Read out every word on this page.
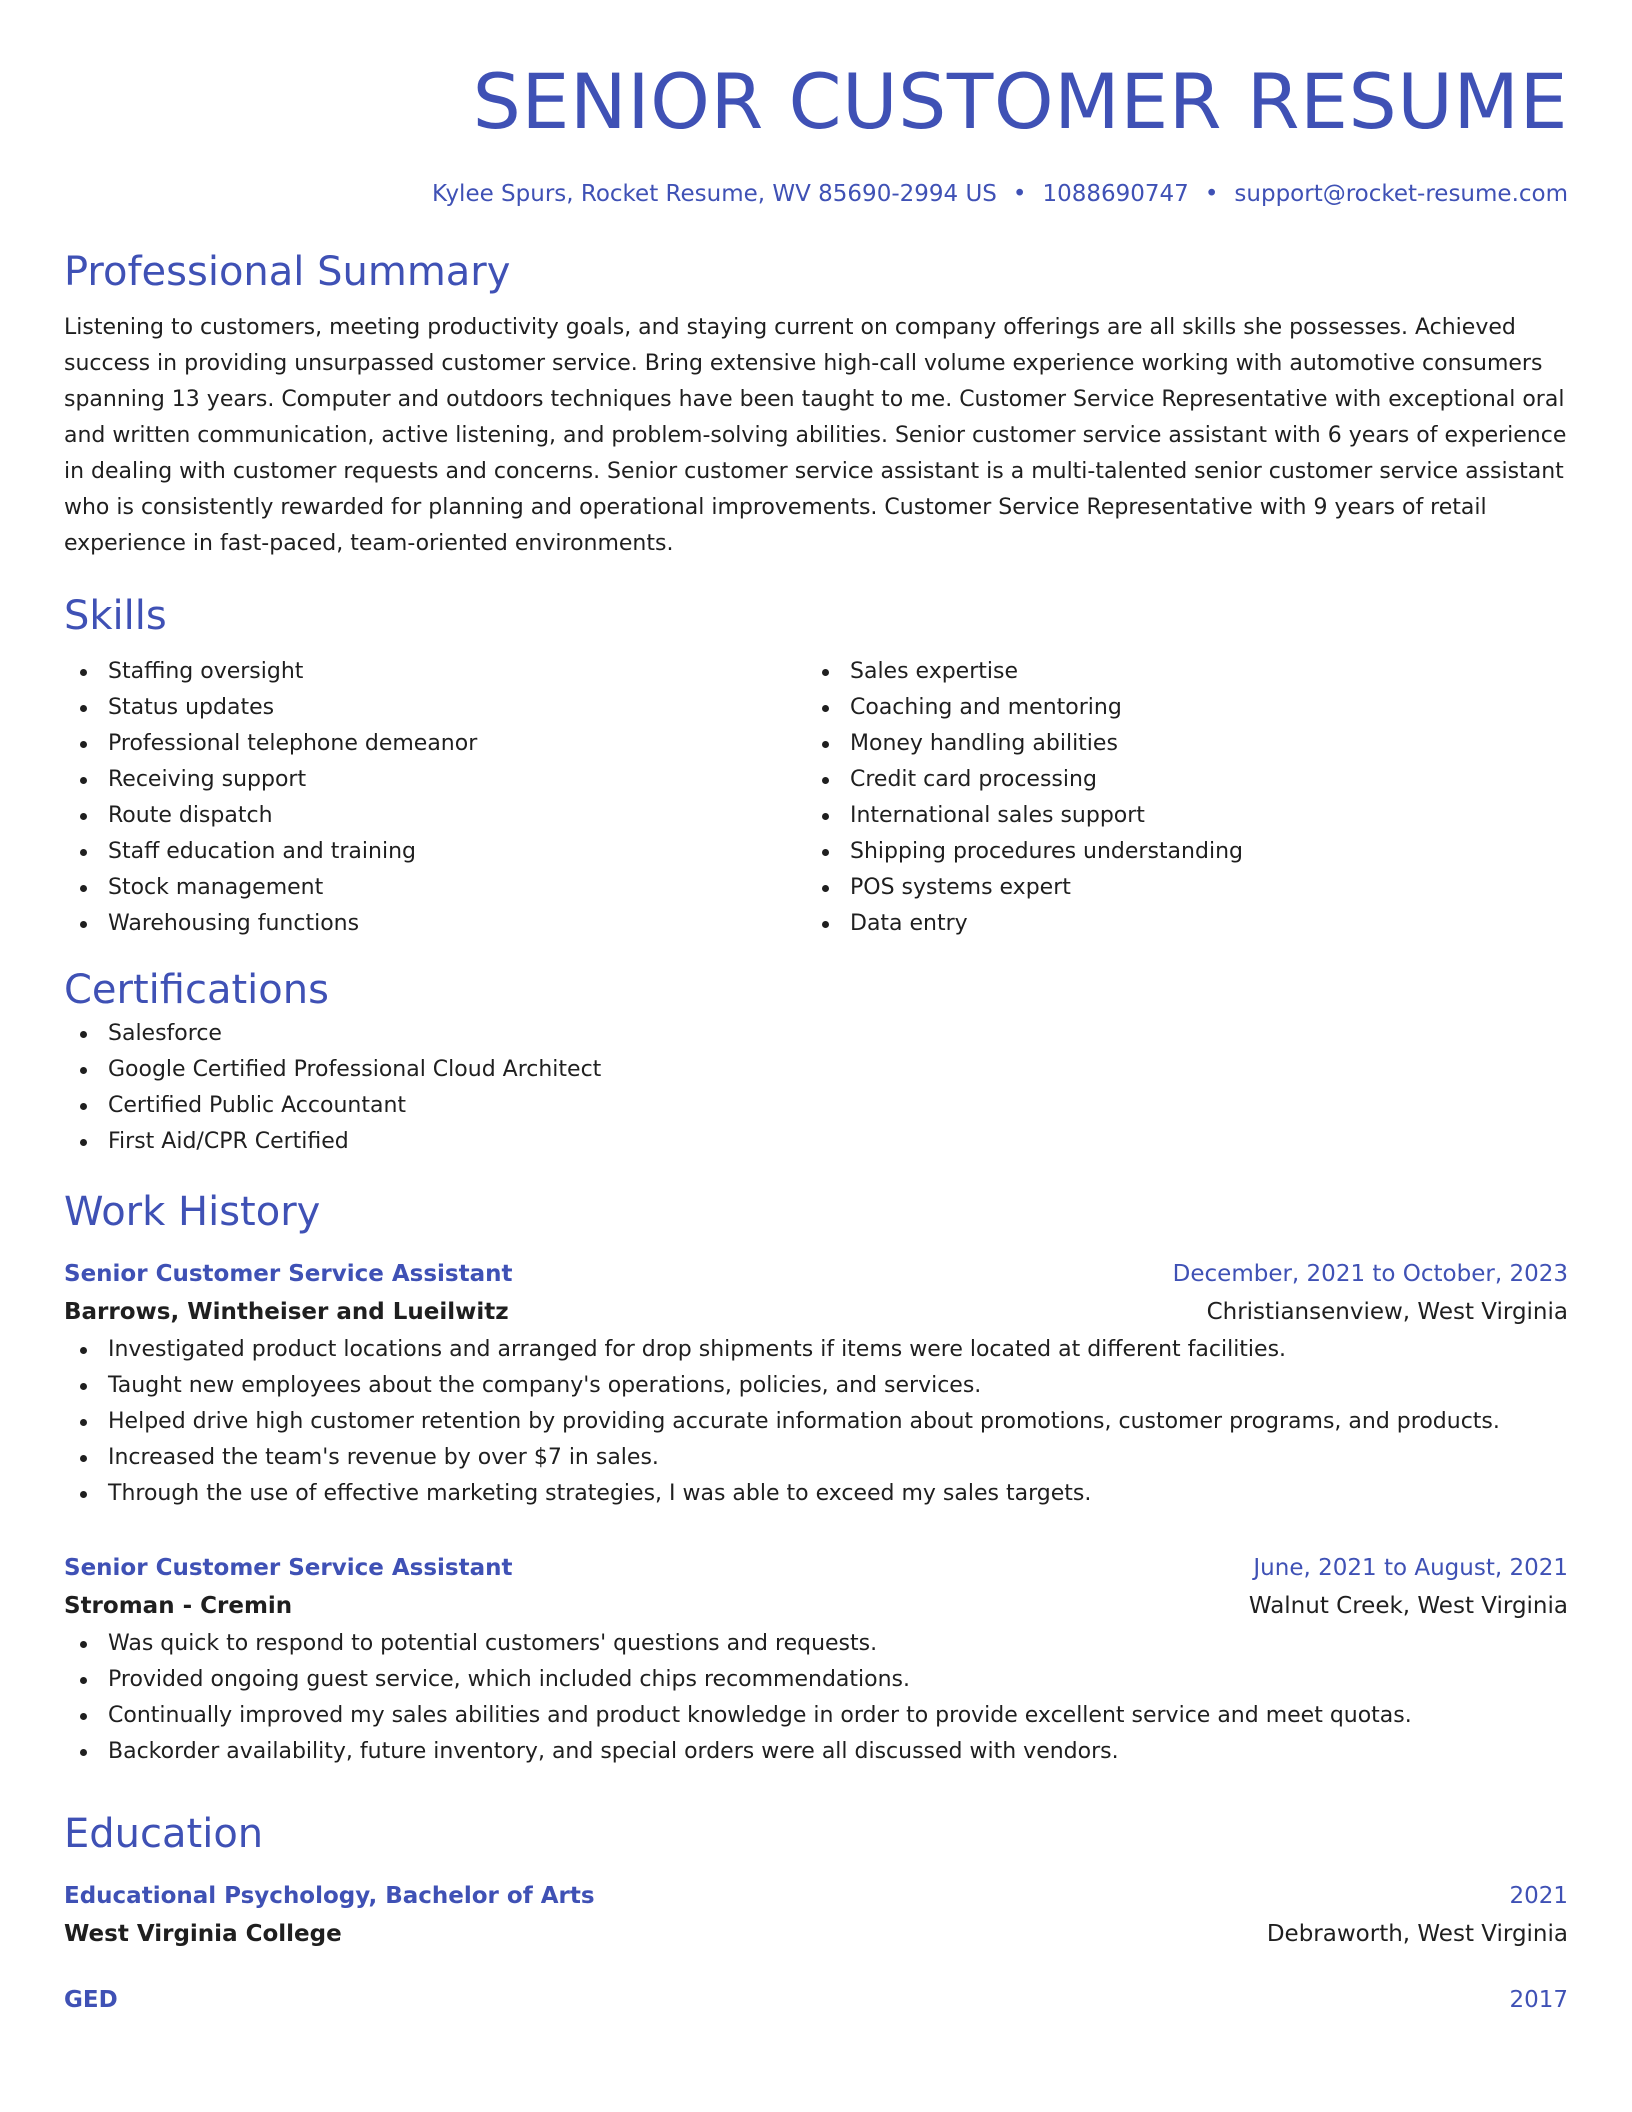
SENIOR CUSTOMER RESUME
Kylee Spurs, Rocket Resume, WV 85690-2994 US • 1088690747 • support@rocket-resume.com
Professional Summary
Listening to customers, meeting productivity goals, and staying current on company offerings are all skills she possesses. Achieved success in providing unsurpassed customer service. Bring extensive high-call volume experience working with automotive consumers spanning 13 years. Computer and outdoors techniques have been taught to me. Customer Service Representative with exceptional oral and written communication, active listening, and problem-solving abilities. Senior customer service assistant with 6 years of experience in dealing with customer requests and concerns. Senior customer service assistant is a multi-talented senior customer service assistant who is consistently rewarded for planning and operational improvements. Customer Service Representative with 9 years of retail experience in fast-paced, team-oriented environments.
Skills
Staffing oversight
Status updates
Professional telephone demeanor
Receiving support
Route dispatch
Staff education and training
Stock management
Warehousing functions
Sales expertise
Coaching and mentoring
Money handling abilities
Credit card processing
International sales support
Shipping procedures understanding
POS systems expert
Data entry
Certifications
Salesforce
Google Certified Professional Cloud Architect
Certified Public Accountant
First Aid/CPR Certified
Work History
Senior Customer Service Assistant	December, 2021 to October, 2023
Barrows, Wintheiser and Lueilwitz	Christiansenview, West Virginia
Investigated product locations and arranged for drop shipments if items were located at different facilities.
Taught new employees about the company's operations, policies, and services.
Helped drive high customer retention by providing accurate information about promotions, customer programs, and products.
Increased the team's revenue by over $7 in sales.
Through the use of effective marketing strategies, I was able to exceed my sales targets.
Senior Customer Service Assistant	June, 2021 to August, 2021
Stroman - Cremin	Walnut Creek, West Virginia
Was quick to respond to potential customers' questions and requests.
Provided ongoing guest service, which included chips recommendations.
Continually improved my sales abilities and product knowledge in order to provide excellent service and meet quotas.
Backorder availability, future inventory, and special orders were all discussed with vendors.
Education
Educational Psychology, Bachelor of Arts	2021
West Virginia College	Debraworth, West Virginia
GED	2017
